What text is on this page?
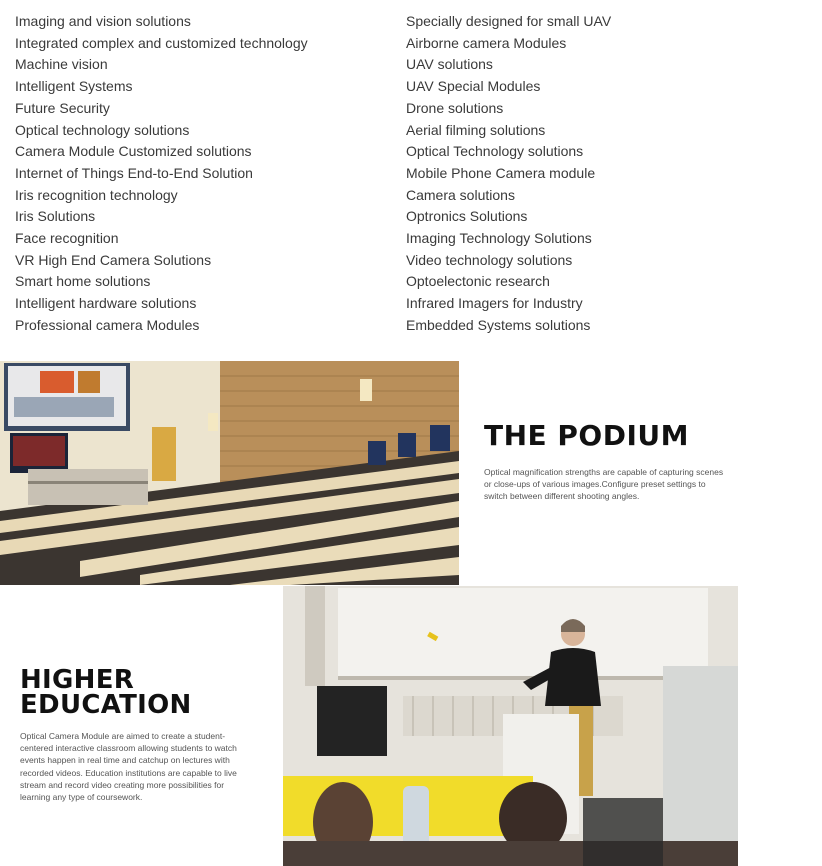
Imaging and vision solutions
Integrated complex and customized technology
Machine vision
Intelligent Systems
Future Security
Optical technology solutions
Camera Module Customized solutions
Internet of Things End-to-End Solution
Iris recognition technology
Iris Solutions
Face recognition
VR High End Camera Solutions
Smart home solutions
Intelligent hardware solutions
Professional camera Modules
Specially designed for small UAV
Airborne camera Modules
UAV solutions
UAV Special Modules
Drone solutions
Aerial filming solutions
Optical Technology solutions
Mobile Phone Camera module
Camera solutions
Optronics Solutions
Imaging Technology Solutions
Video technology solutions
Optoelectonic research
Infrared Imagers for Industry
Embedded Systems solutions
THE PODIUM

Optical magnification strengths are capable of capturing scenes or close-ups of various images.Configure preset settings to switch between different shooting angles.

HIGHER
EDUCATION

Optical Camera Module are aimed to create a student-centered interactive classroom allowing students to watch events happen in real time and catchup on lectures with recorded videos. Education institutions are capable to live stream and record video creating more possibilities for learning any type of coursework.
